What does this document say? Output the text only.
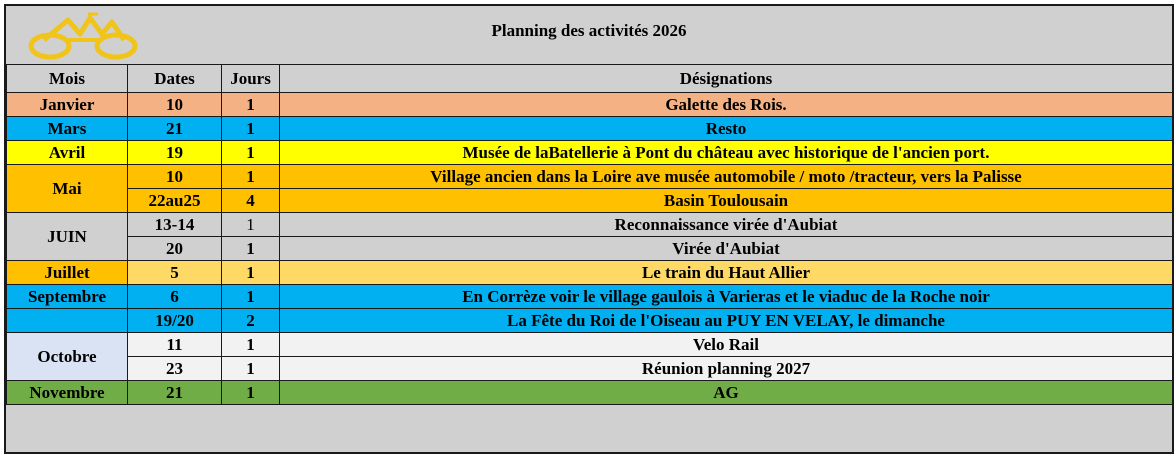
Planning des activités 2026
Mois	Dates	Jours	Désignations
Janvier	10	1	Galette des Rois.
Mars	21	1	Resto
Avril	19	1	Musée de laBatellerie à Pont du château avec historique de l'ancien port.
Mai	10	1	Village ancien dans la Loire ave musée automobile / moto /tracteur, vers la Palisse
	22au25	4	Basin Toulousain
JUIN	13-14	1	Reconnaissance virée d'Aubiat
	20	1	Virée d'Aubiat
Juillet	5	1	Le train du Haut Allier
Septembre	6	1	En Corrèze voir le village gaulois à Varieras et le viaduc de la Roche noir
	19/20	2	La Fête du Roi de l'Oiseau au PUY EN VELAY, le dimanche
Octobre	11	1	Velo Rail
	23	1	Réunion planning 2027
Novembre	21	1	AG
